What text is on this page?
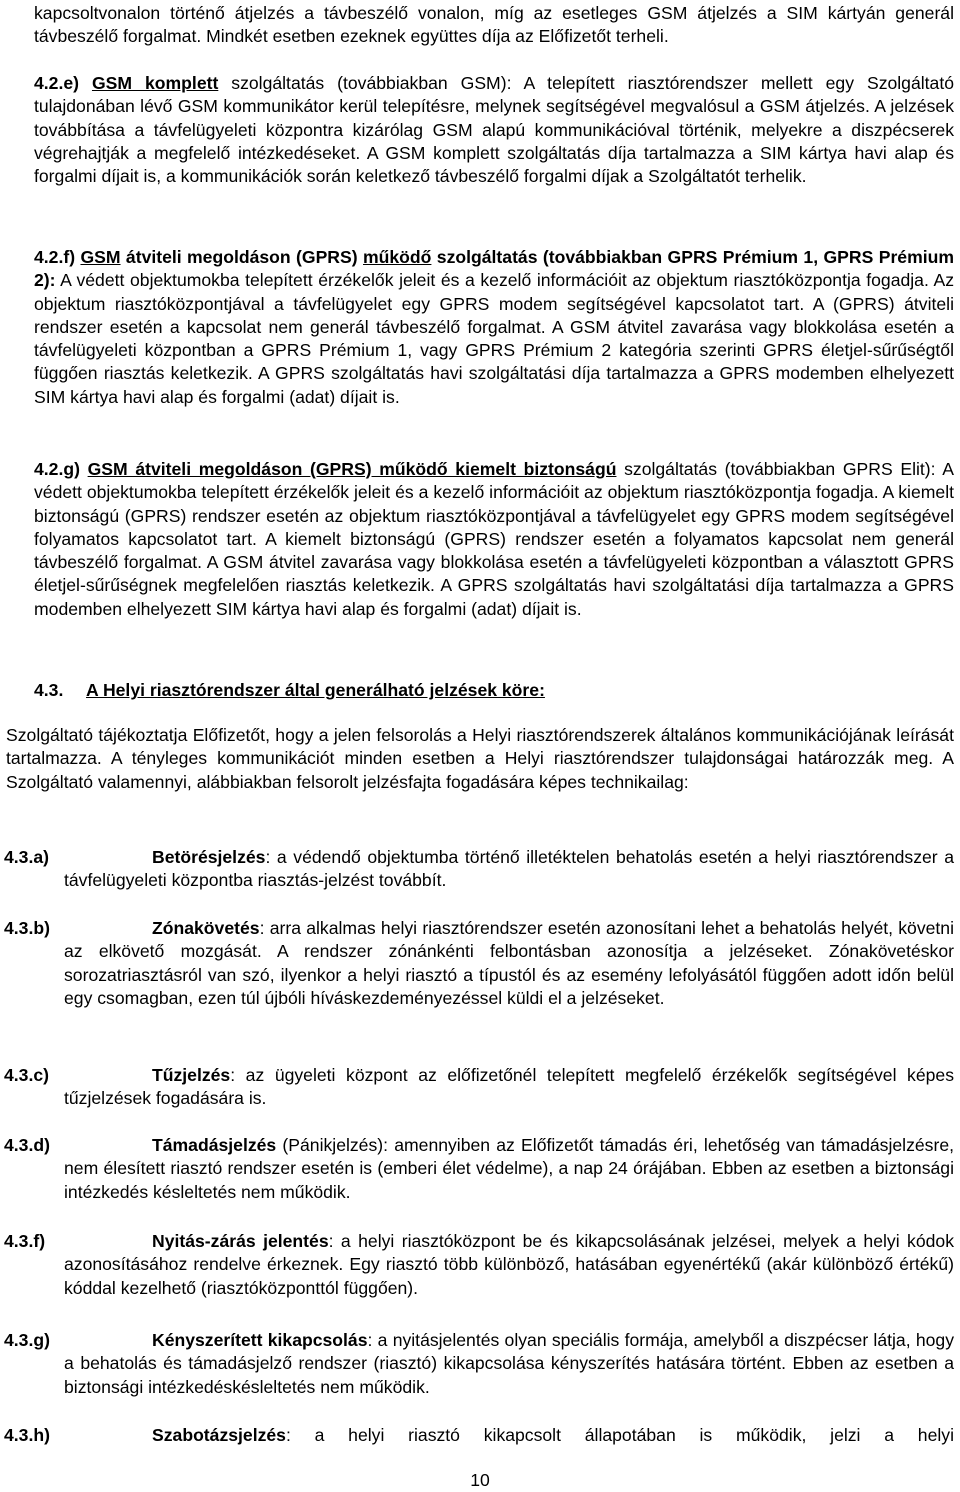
kapcsoltvonalon történő átjelzés a távbeszélő vonalon, míg az esetleges GSM átjelzés a SIM kártyán generál távbeszélő forgalmat. Mindkét esetben ezeknek együttes díja az Előfizetőt terheli.

4.2.e) GSM komplett szolgáltatás (továbbiakban GSM): A telepített riasztórendszer mellett egy Szolgáltató tulajdonában lévő GSM kommunikátor kerül telepítésre, melynek segítségével megvalósul a GSM átjelzés. A jelzések továbbítása a távfelügyeleti központra kizárólag GSM alapú kommunikációval történik, melyekre a diszpécserek végrehajtják a megfelelő intézkedéseket. A GSM komplett szolgáltatás díja tartalmazza a SIM kártya havi alap és forgalmi díjait is, a kommunikációk során keletkező távbeszélő forgalmi díjak a Szolgáltatót terhelik.

4.2.f) GSM átviteli megoldáson (GPRS) működő szolgáltatás (továbbiakban GPRS Prémium 1, GPRS Prémium 2): A védett objektumokba telepített érzékelők jeleit és a kezelő információit az objektum riasztóközpontja fogadja. Az objektum riasztóközpontjával a távfelügyelet egy GPRS modem segítségével kapcsolatot tart. A (GPRS) átviteli rendszer esetén a kapcsolat nem generál távbeszélő forgalmat. A GSM átvitel zavarása vagy blokkolása esetén a távfelügyeleti központban a GPRS Prémium 1, vagy GPRS Prémium 2 kategória szerinti GPRS életjel-sűrűségtől függően riasztás keletkezik. A GPRS szolgáltatás havi szolgáltatási díja tartalmazza a GPRS modemben elhelyezett SIM kártya havi alap és forgalmi (adat) díjait is.

4.2.g) GSM átviteli megoldáson (GPRS) működő kiemelt biztonságú szolgáltatás (továbbiakban GPRS Elit): A védett objektumokba telepített érzékelők jeleit és a kezelő információit az objektum riasztóközpontja fogadja. A kiemelt biztonságú (GPRS) rendszer esetén az objektum riasztóközpontjával a távfelügyelet egy GPRS modem segítségével folyamatos kapcsolatot tart. A kiemelt biztonságú (GPRS) rendszer esetén a folyamatos kapcsolat nem generál távbeszélő forgalmat. A GSM átvitel zavarása vagy blokkolása esetén a távfelügyeleti központban a választott GPRS életjel-sűrűségnek megfelelően riasztás keletkezik. A GPRS szolgáltatás havi szolgáltatási díja tartalmazza a GPRS modemben elhelyezett SIM kártya havi alap és forgalmi (adat) díjait is.

4.3. A Helyi riasztórendszer által generálható jelzések köre:

Szolgáltató tájékoztatja Előfizetőt, hogy a jelen felsorolás a Helyi riasztórendszerek általános kommunikációjának leírását tartalmazza. A tényleges kommunikációt minden esetben a Helyi riasztórendszer tulajdonságai határozzák meg. A Szolgáltató valamennyi, alábbiakban felsorolt jelzésfajta fogadására képes technikailag:

4.3.a)	Betörésjelzés: a védendő objektumba történő illetéktelen behatolás esetén a helyi riasztórendszer a távfelügyeleti központba riasztás-jelzést továbbít.

4.3.b)	Zónakövetés: arra alkalmas helyi riasztórendszer esetén azonosítani lehet a behatolás helyét, követni az elkövető mozgását. A rendszer zónánkénti felbontásban azonosítja a jelzéseket. Zónakövetéskor sorozatriasztásról van szó, ilyenkor a helyi riasztó a típustól és az esemény lefolyásától függően adott időn belül egy csomagban, ezen túl újbóli híváskezdeményezéssel küldi el a jelzéseket.

4.3.c)	Tűzjelzés: az ügyeleti központ az előfizetőnél telepített megfelelő érzékelők segítségével képes tűzjelzések fogadására is.

4.3.d)	Támadásjelzés (Pánikjelzés): amennyiben az Előfizetőt támadás éri, lehetőség van támadásjelzésre, nem élesített riasztó rendszer esetén is (emberi élet védelme), a nap 24 órájában. Ebben az esetben a biztonsági intézkedés késleltetés nem működik.

4.3.f)	Nyitás-zárás jelentés: a helyi riasztóközpont be és kikapcsolásának jelzései, melyek a helyi kódok azonosításához rendelve érkeznek. Egy riasztó több különböző, hatásában egyenértékű (akár különböző értékű) kóddal kezelhető (riasztóközponttól függően).

4.3.g)	Kényszerített kikapcsolás: a nyitásjelentés olyan speciális formája, amelyből a diszpécser látja, hogy a behatolás és támadásjelző rendszer (riasztó) kikapcsolása kényszerítés hatására történt. Ebben az esetben a biztonsági intézkedéskésleltetés nem működik.

4.3.h)	Szabotázsjelzés: a helyi riasztó kikapcsolt állapotában is működik, jelzi a helyi

10
